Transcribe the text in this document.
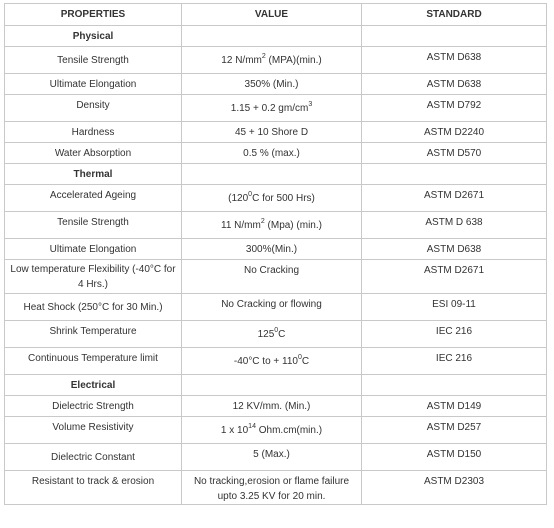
PROPERTIES	VALUE	STANDARD
Physical		
Tensile Strength	12 $N/mm^2$ (MPA)(min.)	ASTM D638
Ultimate Elongation	350% (Min.)	ASTM D638
Density	1.15 + 0.2 $gm/cm^3$	ASTM D792
Hardness	45 + 10 Shore D	ASTM D2240
Water Absorption	0.5 % (max.)	ASTM D570
Thermal		
Accelerated Ageing	($120^0C$ for 500 Hrs)	ASTM D2671
Tensile Strength	11 $N/mm^2$ (Mpa) (min.)	ASTM D 638
Ultimate Elongation	300%(Min.)	ASTM D638
Low temperature Flexibility (-40°C for 4 Hrs.)	No Cracking	ASTM D2671
Heat Shock (250°C for 30 Min.)	No Cracking or flowing	ESI 09-11
Shrink Temperature	$125^0C$	IEC 216
Continuous Temperature limit	-40°C to + $110^0C$	IEC 216
Electrical		
Dielectric Strength	12 KV/mm. (Min.)	ASTM D149
Volume Resistivity	1 x $10^{14}$ Ohm.cm(min.)	ASTM D257
Dielectric Constant	5 (Max.)	ASTM D150
Resistant to track & erosion	No tracking,erosion or flame failure upto 3.25 KV for 20 min.	ASTM D2303
